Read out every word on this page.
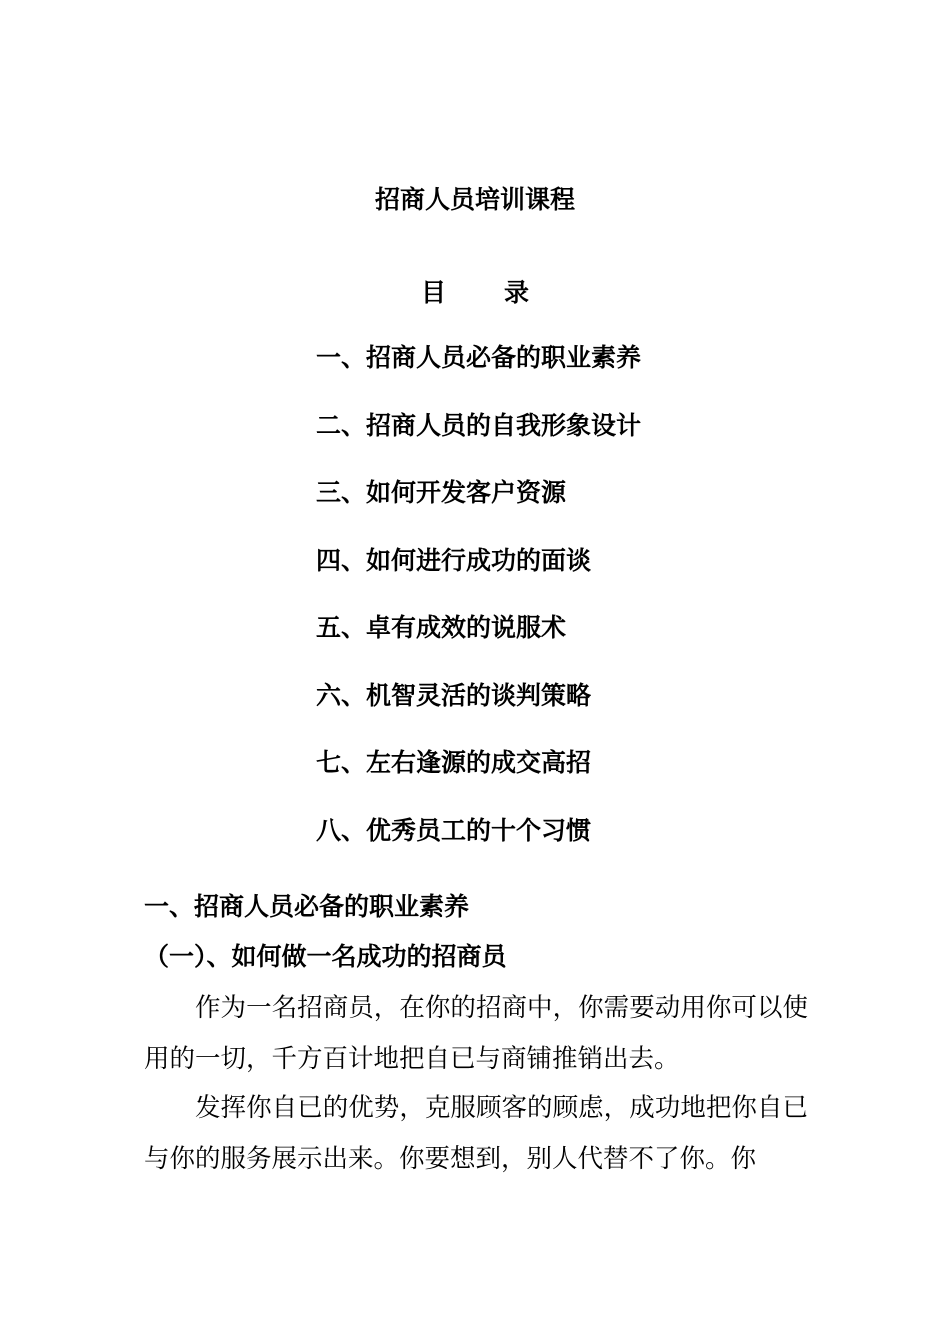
招商人员培训课程
目 录
一、招商人员必备的职业素养
二、招商人员的自我形象设计
三、如何开发客户资源
四、如何进行成功的面谈
五、卓有成效的说服术
六、机智灵活的谈判策略
七、左右逢源的成交高招
八、优秀员工的十个习惯
一、招商人员必备的职业素养
（一）、如何做一名成功的招商员

作为一名招商员，在你的招商中，你需要动用你可以使用的一切，千方百计地把自已与商铺推销出去。

发挥你自已的优势，克服顾客的顾虑，成功地把你自已与你的服务展示出来。你要想到，别人代替不了你。你
